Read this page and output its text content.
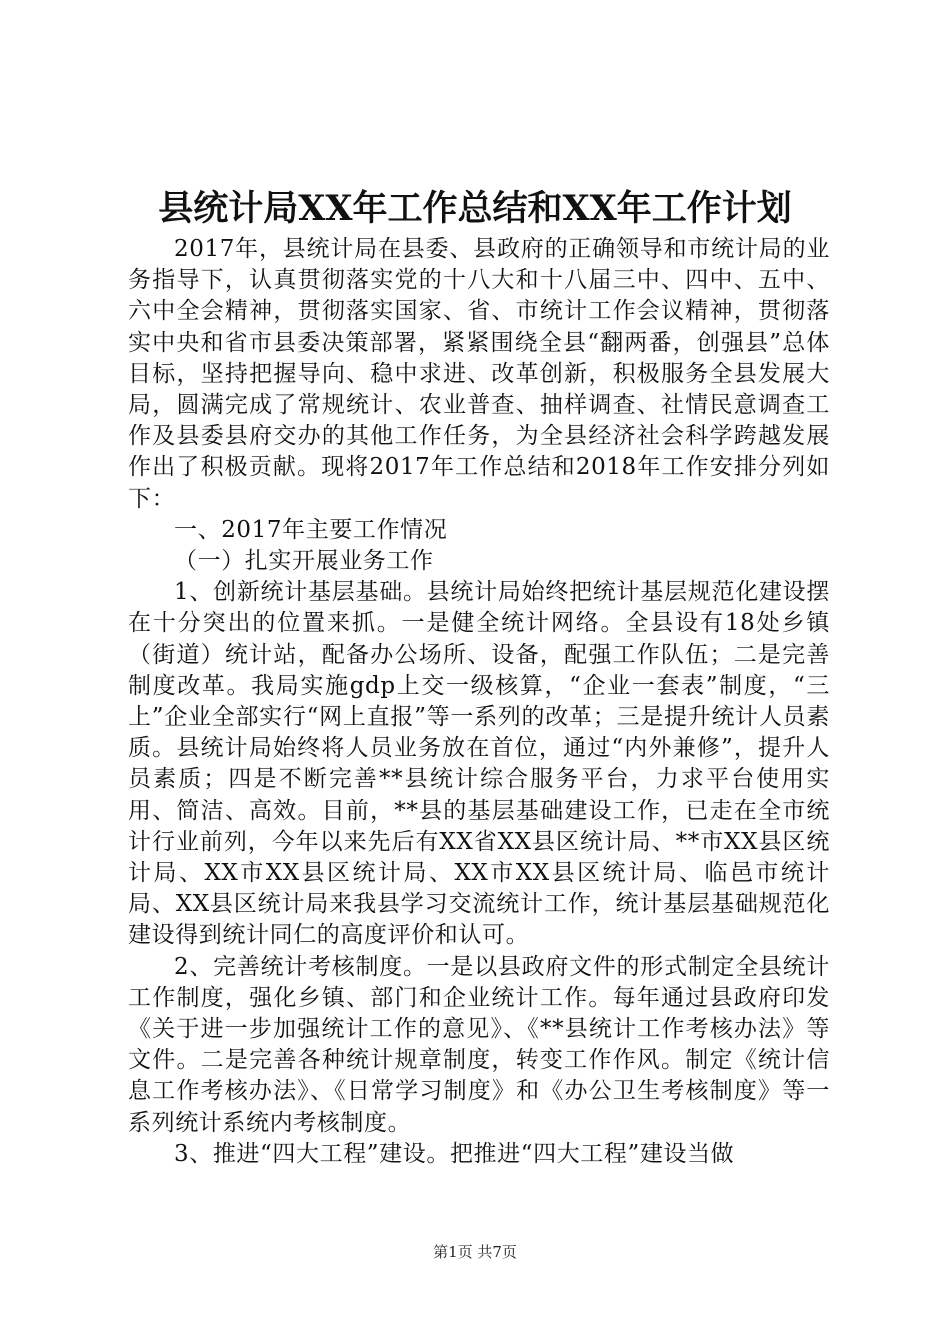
县统计局XX年工作总结和XX年工作计划

2017年，县统计局在县委、县政府的正确领导和市统计局的业务指导下，认真贯彻落实党的十八大和十八届三中、四中、五中、六中全会精神，贯彻落实国家、省、市统计工作会议精神，贯彻落实中央和省市县委决策部署，紧紧围绕全县“翻两番，创强县”总体目标，坚持把握导向、稳中求进、改革创新，积极服务全县发展大局，圆满完成了常规统计、农业普查、抽样调查、社情民意调查工作及县委县府交办的其他工作任务，为全县经济社会科学跨越发展作出了积极贡献。现将2017年工作总结和2018年工作安排分列如下：

一、2017年主要工作情况

（一）扎实开展业务工作

1、创新统计基层基础。县统计局始终把统计基层规范化建设摆在十分突出的位置来抓。一是健全统计网络。全县设有18处乡镇（街道）统计站，配备办公场所、设备，配强工作队伍；二是完善制度改革。我局实施gdp上交一级核算，“企业一套表”制度，“三上”企业全部实行“网上直报”等一系列的改革；三是提升统计人员素质。县统计局始终将人员业务放在首位，通过“内外兼修”，提升人员素质；四是不断完善**县统计综合服务平台，力求平台使用实用、简洁、高效。目前，**县的基层基础建设工作，已走在全市统计行业前列，今年以来先后有XX省XX县区统计局、**市XX县区统计局、XX市XX县区统计局、XX市XX县区统计局、临邑市统计局、XX县区统计局来我县学习交流统计工作，统计基层基础规范化建设得到统计同仁的高度评价和认可。

2、完善统计考核制度。一是以县政府文件的形式制定全县统计工作制度，强化乡镇、部门和企业统计工作。每年通过县政府印发《关于进一步加强统计工作的意见》、《**县统计工作考核办法》等文件。二是完善各种统计规章制度，转变工作作风。制定《统计信息工作考核办法》、《日常学习制度》和《办公卫生考核制度》等一系列统计系统内考核制度。

3、推进“四大工程”建设。把推进“四大工程”建设当做

第1页 共7页
